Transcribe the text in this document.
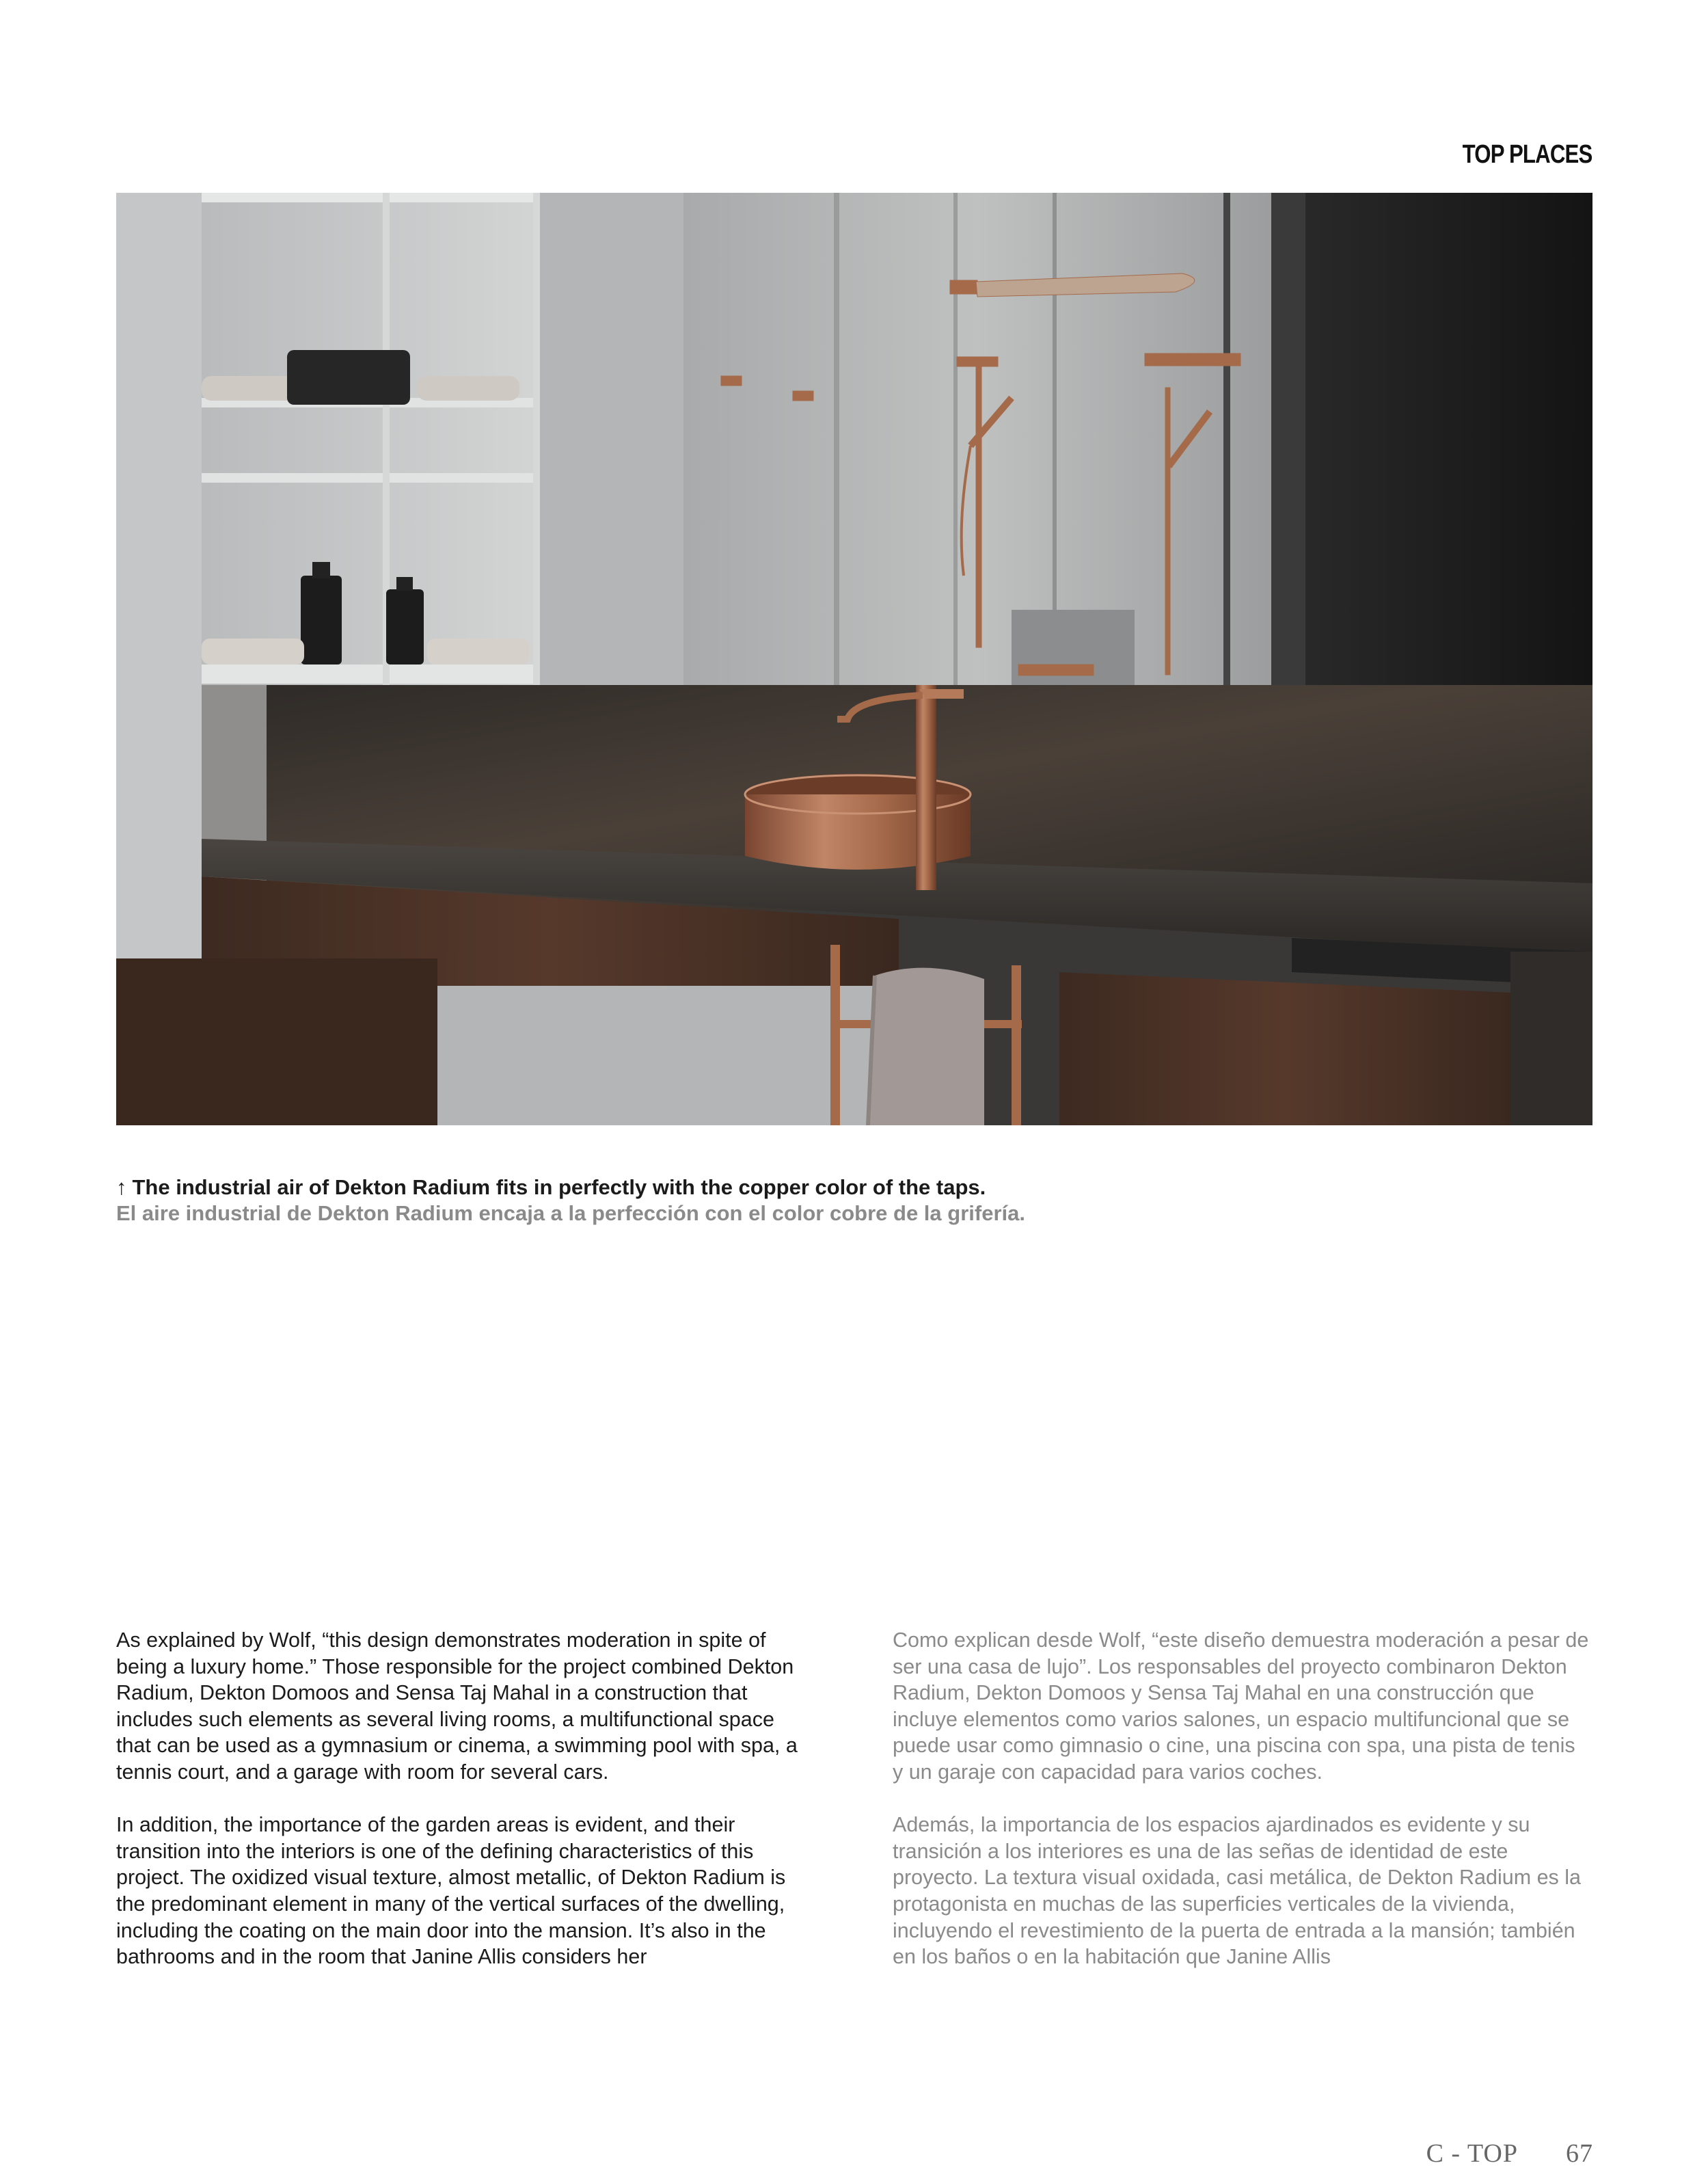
TOP PLACES
↑ The industrial air of Dekton Radium fits in perfectly with the copper color of the taps.
El aire industrial de Dekton Radium encaja a la perfección con el color cobre de la grifería.

As explained by Wolf, “this design demonstrates moderation in spite of being a luxury home.” Those responsible for the project combined Dekton Radium, Dekton Domoos and Sensa Taj Mahal in a construction that includes such elements as several living rooms, a multifunctional space that can be used as a gymnasium or cinema, a swimming pool with spa, a tennis court, and a garage with room for several cars.

In addition, the importance of the garden areas is evident, and their transition into the interiors is one of the defining characteristics of this project. The oxidized visual texture, almost metallic, of Dekton Radium is the predominant element in many of the vertical surfaces of the dwelling, including the coating on the main door into the mansion. It’s also in the bathrooms and in the room that Janine Allis considers her

Como explican desde Wolf, “este diseño demuestra moderación a pesar de ser una casa de lujo”. Los responsables del proyecto combinaron Dekton Radium, Dekton Domoos y Sensa Taj Mahal en una construcción que incluye elementos como varios salones, un espacio multifuncional que se puede usar como gimnasio o cine, una piscina con spa, una pista de tenis y un garaje con capacidad para varios coches.

Además, la importancia de los espacios ajardinados es evidente y su transición a los interiores es una de las señas de identidad de este proyecto. La textura visual oxidada, casi metálica, de Dekton Radium es la protagonista en muchas de las superficies verticales de la vivienda, incluyendo el revestimiento de la puerta de entrada a la mansión; también en los baños o en la habitación que Janine Allis

C - TOP 67
